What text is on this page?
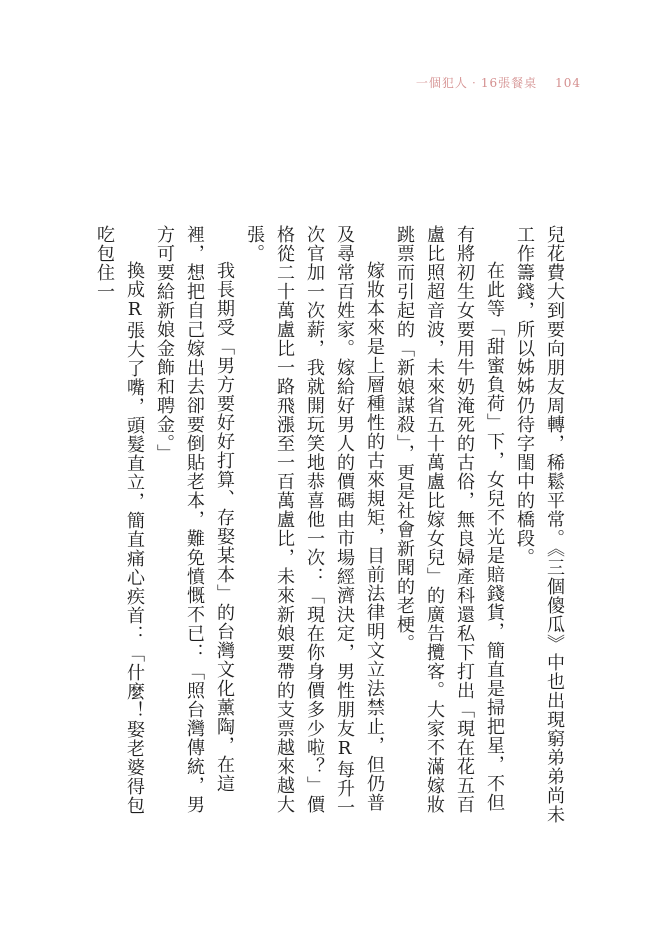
一個犯人‧16張餐桌 104

兒花費大到要向朋友周轉，稀鬆平常。《三個傻瓜》中也出現窮弟弟尚未工作籌錢，所以姊姊仍待字閨中的橋段。

在此等「甜蜜負荷」下，女兒不光是賠錢貨，簡直是掃把星，不但有將初生女要用牛奶淹死的古俗，無良婦產科還私下打出「現在花五百盧比照超音波，未來省五十萬盧比嫁女兒」的廣告攬客。大家不滿嫁妝跳票而引起的「新娘謀殺」，更是社會新聞的老梗。

嫁妝本來是上層種性的古來規矩，目前法律明文立法禁止，但仍普及尋常百姓家。嫁給好男人的價碼由市場經濟決定，男性朋友R每升一次官加一次薪，我就開玩笑地恭喜他一次：「現在你身價多少啦？」價格從二十萬盧比一路飛漲至一百萬盧比，未來新娘要帶的支票越來越大張。

我長期受「男方要好好打算、存娶某本」的台灣文化薰陶，在這裡，想把自己嫁出去卻要倒貼老本，難免憤慨不已：「照台灣傳統，男方可要給新娘金飾和聘金。」

換成R張大了嘴，頭髮直立，簡直痛心疾首：「什麼！娶老婆得包吃包住一
